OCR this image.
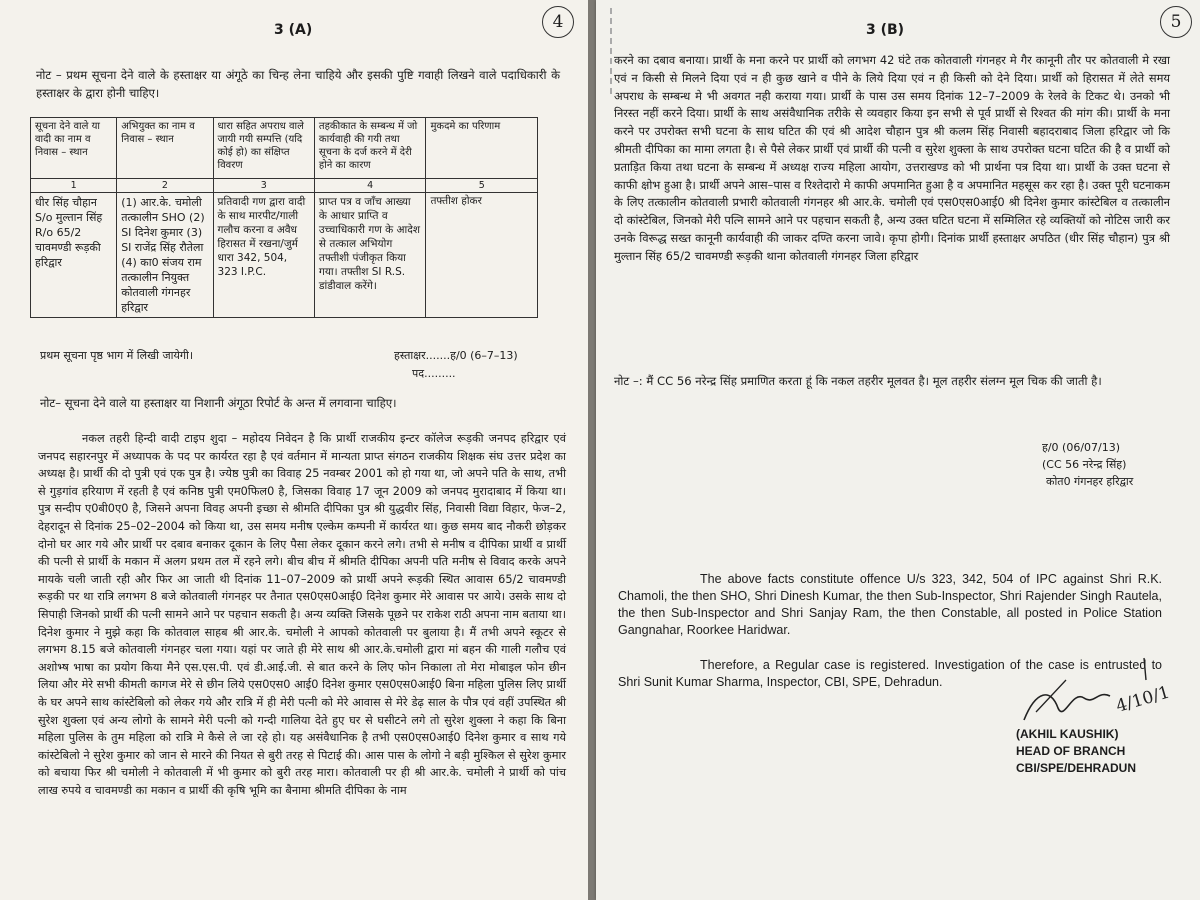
3 (A)	4

नोट – प्रथम सूचना देने वाले के हस्ताक्षर या अंगूठे का चिन्ह लेना चाहिये और इसकी पुष्टि गवाही लिखने वाले पदाधिकारी के हस्ताक्षर के द्वारा होनी चाहिए।

सूचना देने वाले या वादी का नाम व निवास – स्थान	अभियुक्त का नाम व निवास – स्थान	धारा सहित अपराध वाले जायी गयी सम्पत्ति (यदि कोई हो) का संक्षिप्त विवरण	तहकीकात के सम्बन्ध में जो कार्यवाही की गयी तथा सूचना के दर्ज करने में देरी होने का कारण	मुकदमे का परिणाम
1	2	3	4	5
धीर सिंह चौहान S/o मुल्तान सिंह R/o 65/2 चावमण्डी रूड़की हरिद्वार	(1) आर.के. चमोली तत्कालीन SHO (2) SI दिनेश कुमार (3) SI राजेंद्र सिंह रौतेला (4) का0 संजय राम तत्कालीन नियुक्त कोतवाली गंगनहर हरिद्वार	प्रतिवादी गण द्वारा वादी के साथ मारपीट/गाली गलौच करना व अवैध हिरासत में रखना/जुर्म धारा 342, 504, 323 I.P.C.	प्राप्त पत्र व जाँच आख्या के आधार प्राप्ति व उच्चाधिकारी गण के आदेश से तत्काल अभियोग तफ्तीशी पंजीकृत किया गया। तफ्तीश SI R.S. डांडीवाल करेंगे।	तफ्तीश होकर
प्रथम सूचना पृष्ठ भाग में लिखी जायेगी।	हस्ताक्षर.......ह/0 (6–7–13)
पद.........
नोट– सूचना देने वाले या हस्ताक्षर या निशानी अंगूठा रिपोर्ट के अन्त में लगवाना चाहिए।

नकल तहरी हिन्दी वादी टाइप शुदा – महोदय निवेदन है कि प्रार्थी राजकीय इन्टर कॉलेज रूड़की जनपद हरिद्वार एवं जनपद सहारनपुर में अध्यापक के पद पर कार्यरत रहा है एवं वर्तमान में मान्यता प्राप्त संगठन राजकीय शिक्षक संघ उत्तर प्रदेश का अध्यक्ष है। प्रार्थी की दो पुत्री एवं एक पुत्र है। ज्येष्ठ पुत्री का विवाह 25 नवम्बर 2001 को हो गया था, जो अपने पति के साथ, तभी से गुड़गांव हरियाण में रहती है एवं कनिष्ठ पुत्री एम0फिल0 है, जिसका विवाह 17 जून 2009 को जनपद मुरादाबाद में किया था। पुत्र सन्दीप ए0बी0ए0 है, जिसने अपना विवह अपनी इच्छा से श्रीमति दीपिका पुत्र श्री युद्धवीर सिंह, निवासी विद्या विहार, फेज–2, देहरादून से दिनांक 25–02–2004 को किया था, उस समय मनीष एल्केम कम्पनी में कार्यरत था। कुछ समय बाद नौकरी छोड़कर दोनो घर आर गये और प्रार्थी पर दबाव बनाकर दूकान के लिए पैसा लेकर दूकान करने लगे। तभी से मनीष व दीपिका प्रार्थी व प्रार्थी की पत्नी से प्रार्थी के मकान में अलग प्रथम तल में रहने लगे। बीच बीच में श्रीमति दीपिका अपनी पति मनीष से विवाद करके अपने मायके चली जाती रही और फिर आ जाती थी दिनांक 11–07–2009 को प्रार्थी अपने रूड़की स्थित आवास 65/2 चावमण्डी रूड़की पर था रात्रि लगभग 8 बजे कोतवाली गंगनहर पर तैनात एस0एस0आई0 दिनेश कुमार मेरे आवास पर आये। उसके साथ दो सिपाही जिनको प्रार्थी की पत्नी सामने आने पर पहचान सकती है। अन्य व्यक्ति जिसके पूछने पर राकेश राठी अपना नाम बताया था। दिनेश कुमार ने मुझे कहा कि कोतवाल साहब श्री आर.के. चमोली ने आपको कोतवाली पर बुलाया है। मैं तभी अपने स्कूटर से लगभग 8.15 बजे कोतवाली गंगनहर चला गया। यहां पर जाते ही मेरे साथ श्री आर.के.चमोली द्वारा मां बहन की गाली गलौच एवं अशोभ्ष भाषा का प्रयोग किया मैने एस.एस.पी. एवं डी.आई.जी. से बात करने के लिए फोन निकाला तो मेरा मोबाइल फोन छीन लिया और मेरे सभी कीमती कागज मेरे से छीन लिये एस0एस0 आई0 दिनेश कुमार एस0एस0आई0 बिना महिला पुलिस लिए प्रार्थी के घर अपने साथ कांस्टेबिलो को लेकर गये और रात्रि में ही मेरी पत्नी को मेरे आवास से मेरे डेढ़ साल के पौत्र एवं वहीं उपस्थित श्री सुरेश शुक्ला एवं अन्य लोगो के सामने मेरी पत्नी को गन्दी गालिया देते हुए घर से घसीटने लगे तो सुरेश शुक्ला ने कहा कि बिना महिला पुलिस के तुम महिला को रात्रि मे कैसे ले जा रहे हो। यह असंवैधानिक है तभी एस0एस0आई0 दिनेश कुमार व साथ गये कांस्टेबिलो ने सुरेश कुमार को जान से मारने की नियत से बुरी तरह से पिटाई की। आस पास के लोगो ने बड़ी मुश्किल से सुरेश कुमार को बचाया फिर श्री चमोली ने कोतवाली में भी कुमार को बुरी तरह मारा। कोतवाली पर ही श्री आर.के. चमोली ने प्रार्थी को पांच लाख रुपये व चावमण्डी का मकान व प्रार्थी की कृषि भूमि का बैनामा श्रीमति दीपिका के नाम

3 (B)	5

करने का दबाव बनाया। प्रार्थी के मना करने पर प्रार्थी को लगभग 42 घंटे तक कोतवाली गंगनहर मे गैर कानूनी तौर पर कोतवाली मे रखा एवं न किसी से मिलने दिया एवं न ही कुछ खाने व पीने के लिये दिया एवं न ही किसी को देने दिया। प्रार्थी को हिरासत में लेते समय अपराध के सम्बन्ध मे भी अवगत नही कराया गया। प्रार्थी के पास उस समय दिनांक 12–7–2009 के रेलवे के टिकट थे। उनको भी निरस्त नहीं करने दिया। प्रार्थी के साथ असंवैधानिक तरीके से व्यवहार किया इन सभी से पूर्व प्रार्थी से रिश्वत की मांग की। प्रार्थी के मना करने पर उपरोक्त सभी घटना के साथ घटित की एवं श्री आदेश चौहान पुत्र श्री कलम सिंह निवासी बहादराबाद जिला हरिद्वार जो कि श्रीमती दीपिका का मामा लगता है। से पैसे लेकर प्रार्थी एवं प्रार्थी की पत्नी व सुरेश शुक्ला के साथ उपरोक्त घटना घटित की है व प्रार्थी को प्रताड़ित किया तथा घटना के सम्बन्ध में अध्यक्ष राज्य महिला आयोग, उत्तराखण्ड को भी प्रार्थना पत्र दिया था। प्रार्थी के उक्त घटना से काफी क्षोभ हुआ है। प्रार्थी अपने आस–पास व रिश्तेदारो मे काफी अपमानित हुआ है व अपमानित महसूस कर रहा है। उक्त पूरी घटनाकम के लिए तत्कालीन कोतवाली प्रभारी कोतवाली गंगनहर श्री आर.के. चमोली एवं एस0एस0आई0 श्री दिनेश कुमार कांस्टेबिल व तत्कालीन दो कांस्टेबिल, जिनको मेरी पत्नि सामने आने पर पहचान सकती है, अन्य उक्त घटित घटना में सम्मिलित रहे व्यक्तियों को नोटिस जारी कर उनके विरूद्ध सख्त कानूनी कार्यवाही की जाकर दण्ति करना जावे। कृपा होगी। दिनांक प्रार्थी हस्ताक्षर अपठित (धीर सिंह चौहान) पुत्र श्री मुल्तान सिंह 65/2 चावमण्डी रूड़की थाना कोतवाली गंगनहर जिला हरिद्वार

नोट –: मैं CC 56 नरेन्द्र सिंह प्रमाणित करता हूं कि नकल तहरीर मूलवत है। मूल तहरीर संलग्न मूल चिक की जाती है।

ह/0 (06/07/13)
(CC 56 नरेन्द्र सिंह)
कोत0 गंगनहर हरिद्वार

The above facts constitute offence U/s 323, 342, 504 of IPC against Shri R.K. Chamoli, the then SHO, Shri Dinesh Kumar, the then Sub-Inspector, Shri Rajender Singh Rautela, the then Sub-Inspector and Shri Sanjay Ram, the then Constable, all posted in Police Station Gangnahar, Roorkee Haridwar.

Therefore, a Regular case is registered. Investigation of the case is entrusted to Shri Sunit Kumar Sharma, Inspector, CBI, SPE, Dehradun.

4/10/1
(AKHIL KAUSHIK)
HEAD OF BRANCH
CBI/SPE/DEHRADUN
